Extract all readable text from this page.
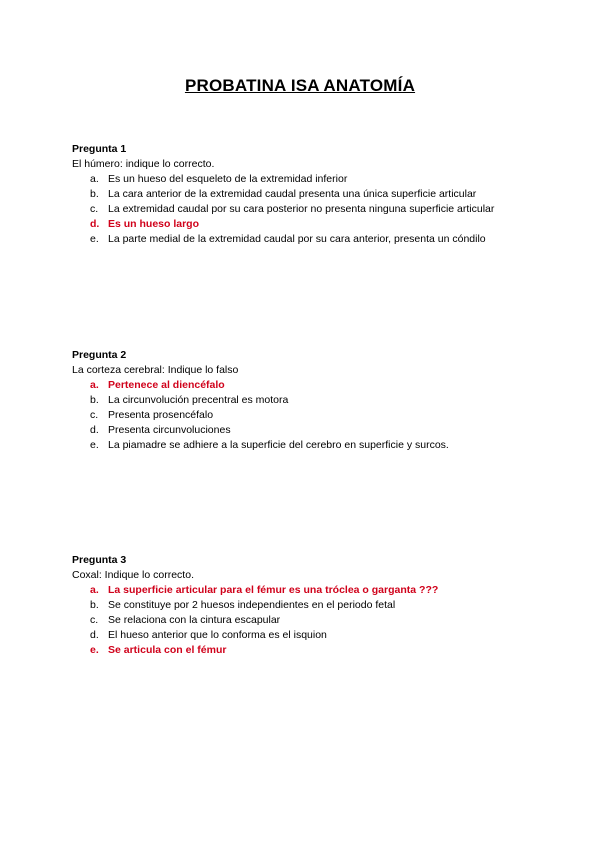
PROBATINA ISA ANATOMÍA
Pregunta 1
El húmero: indique lo correcto.
a. Es un hueso del esqueleto de la extremidad inferior
b. La cara anterior de la extremidad caudal presenta una única superficie articular
c. La extremidad caudal por su cara posterior no presenta ninguna superficie articular
d. Es un hueso largo
e. La parte medial de la extremidad caudal por su cara anterior, presenta un cóndilo
Pregunta 2
La corteza cerebral: Indique lo falso
a. Pertenece al diencéfalo
b. La circunvolución precentral es motora
c. Presenta prosencéfalo
d. Presenta circunvoluciones
e. La piamadre se adhiere a la superficie del cerebro en superficie y surcos.
Pregunta 3
Coxal: Indique lo correcto.
a. La superficie articular para el fémur es una tróclea o garganta ???
b. Se constituye por 2 huesos independientes en el periodo fetal
c. Se relaciona con la cintura escapular
d. El hueso anterior que lo conforma es el isquion
e. Se articula con el fémur
